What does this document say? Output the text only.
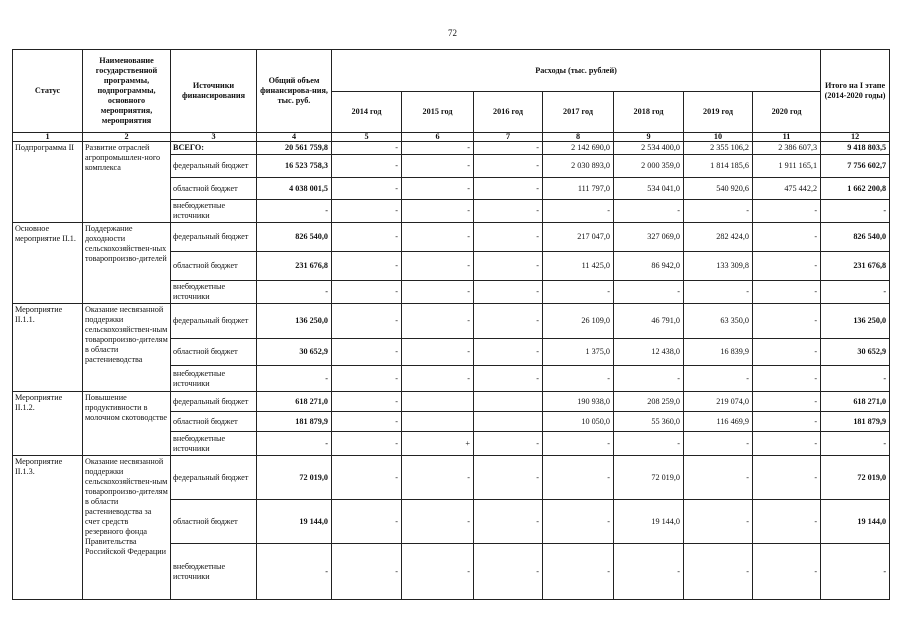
72
Статус	Наименование государственной программы, подпрограммы, основного мероприятия, мероприятия	Источники финансирования	Общий объем финансирова-ния, тыс. руб.	Расходы (тыс. рублей)							Итого на I этапе (2014-2020 годы)
				2014 год	2015 год	2016 год	2017 год	2018 год	2019 год	2020 год	
1	2	3	4	5	6	7	8	9	10	11	12
Подпрограмма II	Развитие отраслей агропромышлен-ного комплекса	ВСЕГО:	20 561 759,8	-	-	-	2 142 690,0	2 534 400,0	2 355 106,2	2 386 607,3	9 418 803,5
		федеральный бюджет	16 523 758,3	-	-	-	2 030 893,0	2 000 359,0	1 814 185,6	1 911 165,1	7 756 602,7
		областной бюджет	4 038 001,5	-	-	-	111 797,0	534 041,0	540 920,6	475 442,2	1 662 200,8
		внебюджетные источники	-	-	-	-	-	-	-	-	-
Основное мероприятие II.1.	Поддержание доходности сельскохозяйствен-ных товаропроизво-дителей	федеральный бюджет	826 540,0	-	-	-	217 047,0	327 069,0	282 424,0	-	826 540,0
		областной бюджет	231 676,8	-	-	-	11 425,0	86 942,0	133 309,8	-	231 676,8
		внебюджетные источники	-	-	-	-	-	-	-	-	-
Мероприятие II.1.1.	Оказание несвязанной поддержки сельскохозяйствен-ным товаропроизво-дителям в области растениеводства	федеральный бюджет	136 250,0	-	-	-	26 109,0	46 791,0	63 350,0	-	136 250,0
		областной бюджет	30 652,9	-	-	-	1 375,0	12 438,0	16 839,9	-	30 652,9
		внебюджетные источники	-	-	-	-	-	-	-	-	-
Мероприятие II.1.2.	Повышение продуктивности в молочном скотоводстве	федеральный бюджет	618 271,0	-			190 938,0	208 259,0	219 074,0	-	618 271,0
		областной бюджет	181 879,9	-			10 050,0	55 360,0	116 469,9	-	181 879,9
		внебюджетные источники	-	-	+	-	-	-	-	-	-
Мероприятие II.1.3.	Оказание несвязанной поддержки сельскохозяйствен-ным товаропроизво-дителям в области растениеводства за счет средств резервного фонда Правительства Российской Федерации	федеральный бюджет	72 019,0	-	-	-	-	72 019,0	-	-	72 019,0
		областной бюджет	19 144,0	-	-	-	-	19 144,0	-	-	19 144,0
		внебюджетные источники	-	-	-	-	-	-	-	-	-
